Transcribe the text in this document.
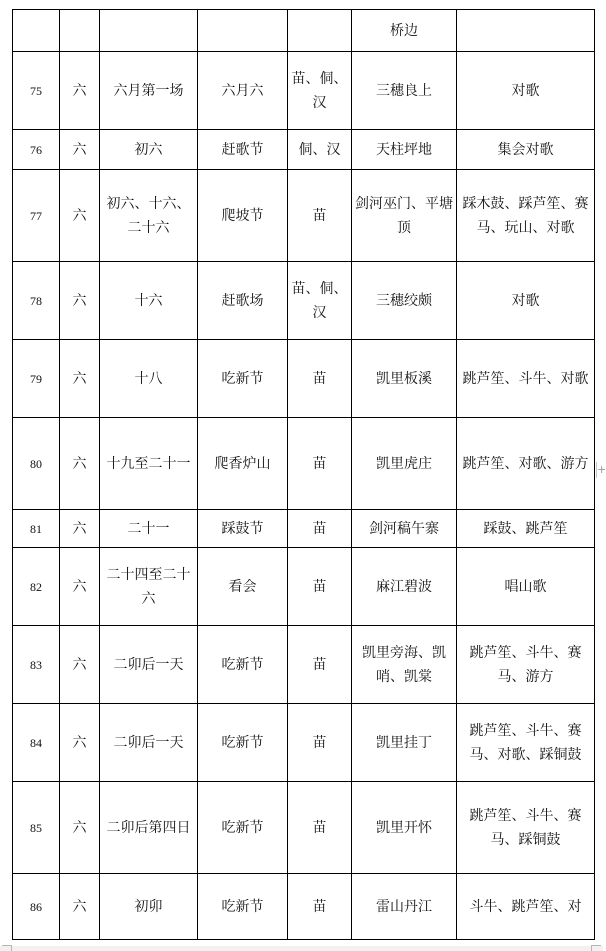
					桥边	
75	六	六月第一场	六月六	苗、侗、汉	三穗良上	对歌
76	六	初六	赶歌节	侗、汉	天柱坪地	集会对歌
77	六	初六、十六、二十六	爬坡节	苗	剑河巫门、平塘顶	踩木鼓、踩芦笙、赛马、玩山、对歌
78	六	十六	赶歌场	苗、侗、汉	三穗绞颇	对歌
79	六	十八	吃新节	苗	凯里板溪	跳芦笙、斗牛、对歌
80	六	十九至二十一	爬香炉山	苗	凯里虎庄	跳芦笙、对歌、游方
81	六	二十一	踩鼓节	苗	剑河稿午寨	踩鼓、跳芦笙
82	六	二十四至二十六	看会	苗	麻江碧波	唱山歌
83	六	二卯后一天	吃新节	苗	凯里旁海、凯哨、凯棠	跳芦笙、斗牛、赛马、游方
84	六	二卯后一天	吃新节	苗	凯里挂丁	跳芦笙、斗牛、赛马、对歌、踩铜鼓
85	六	二卯后第四日	吃新节	苗	凯里开怀	跳芦笙、斗牛、赛马、踩铜鼓
86	六	初卯	吃新节	苗	雷山丹江	斗牛、跳芦笙、对
+
